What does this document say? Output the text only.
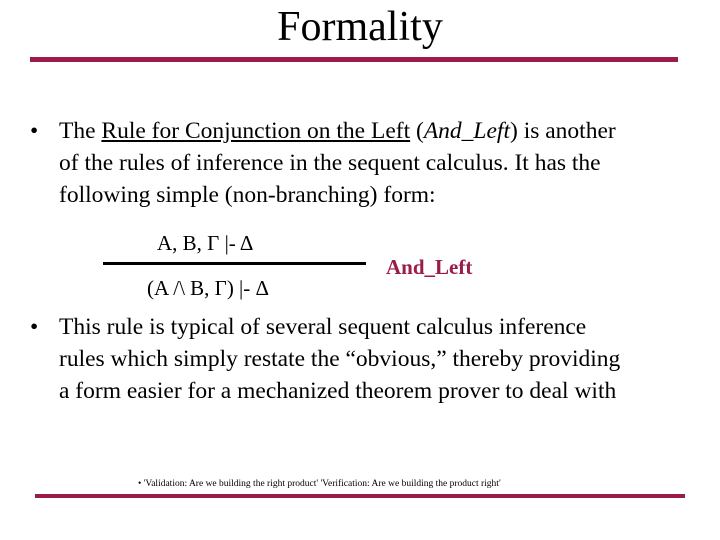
Formality
• The Rule for Conjunction on the Left (And_Left) is another
of the rules of inference in the sequent calculus. It has the
following simple (non-branching) form:
A, B, Γ |- Δ
(A /\ B, Γ) |- Δ
And_Left
• This rule is typical of several sequent calculus inference
rules which simply restate the “obvious,” thereby providing
a form easier for a mechanized theorem prover to deal with
• 'Validation: Are we building the right product' 'Verification: Are we building the product right'
